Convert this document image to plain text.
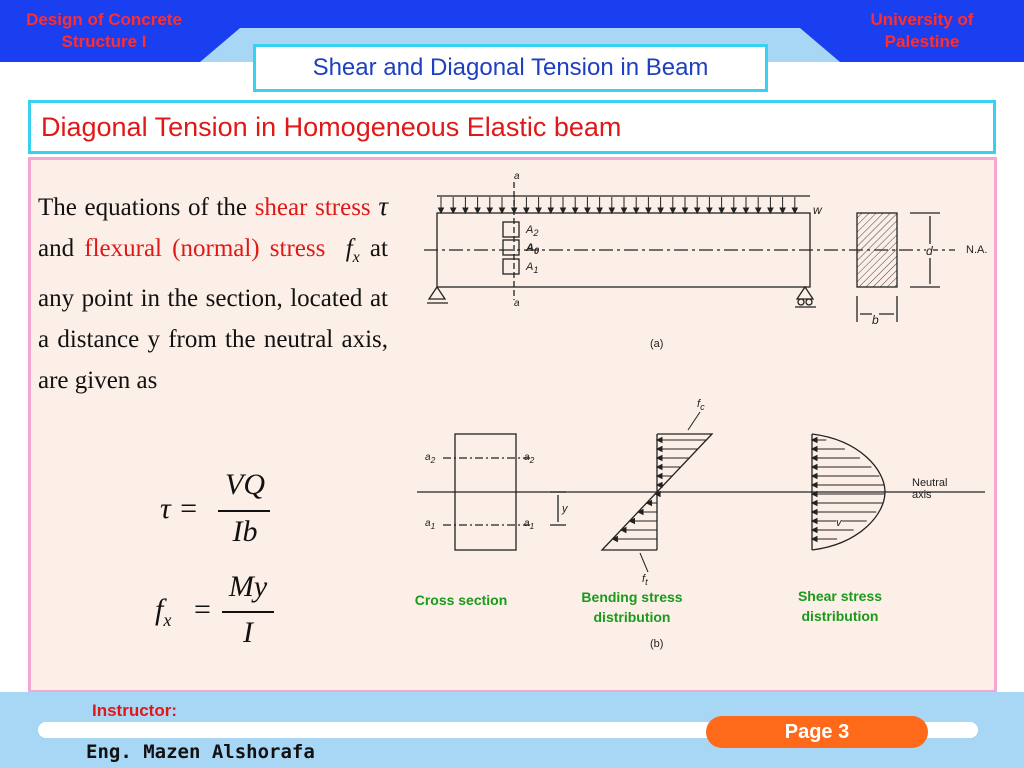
Design of Concrete
Structure I
University of
Palestine
Shear and Diagonal Tension in Beam
Diagonal Tension in Homogeneous Elastic beam
The equations of the shear stress τ and flexural (normal) stress $f_x$ at any point in the section, located at a distance y from the neutral axis, are given as
τ =
VQ
Ib
$f_x$ =
My
I
a
a
$A_2$
$A_0$
$A_1$
w
d
b
N.A.
(a)
$a_2$	$a_2$
$a_1$	$a_1$
y
$f_c$
$f_t$
v
Neutral axis
(b)
Cross section	Bending stress
distribution
Shear stress
distribution
Instructor:
Eng. Mazen Alshorafa
Page 3
